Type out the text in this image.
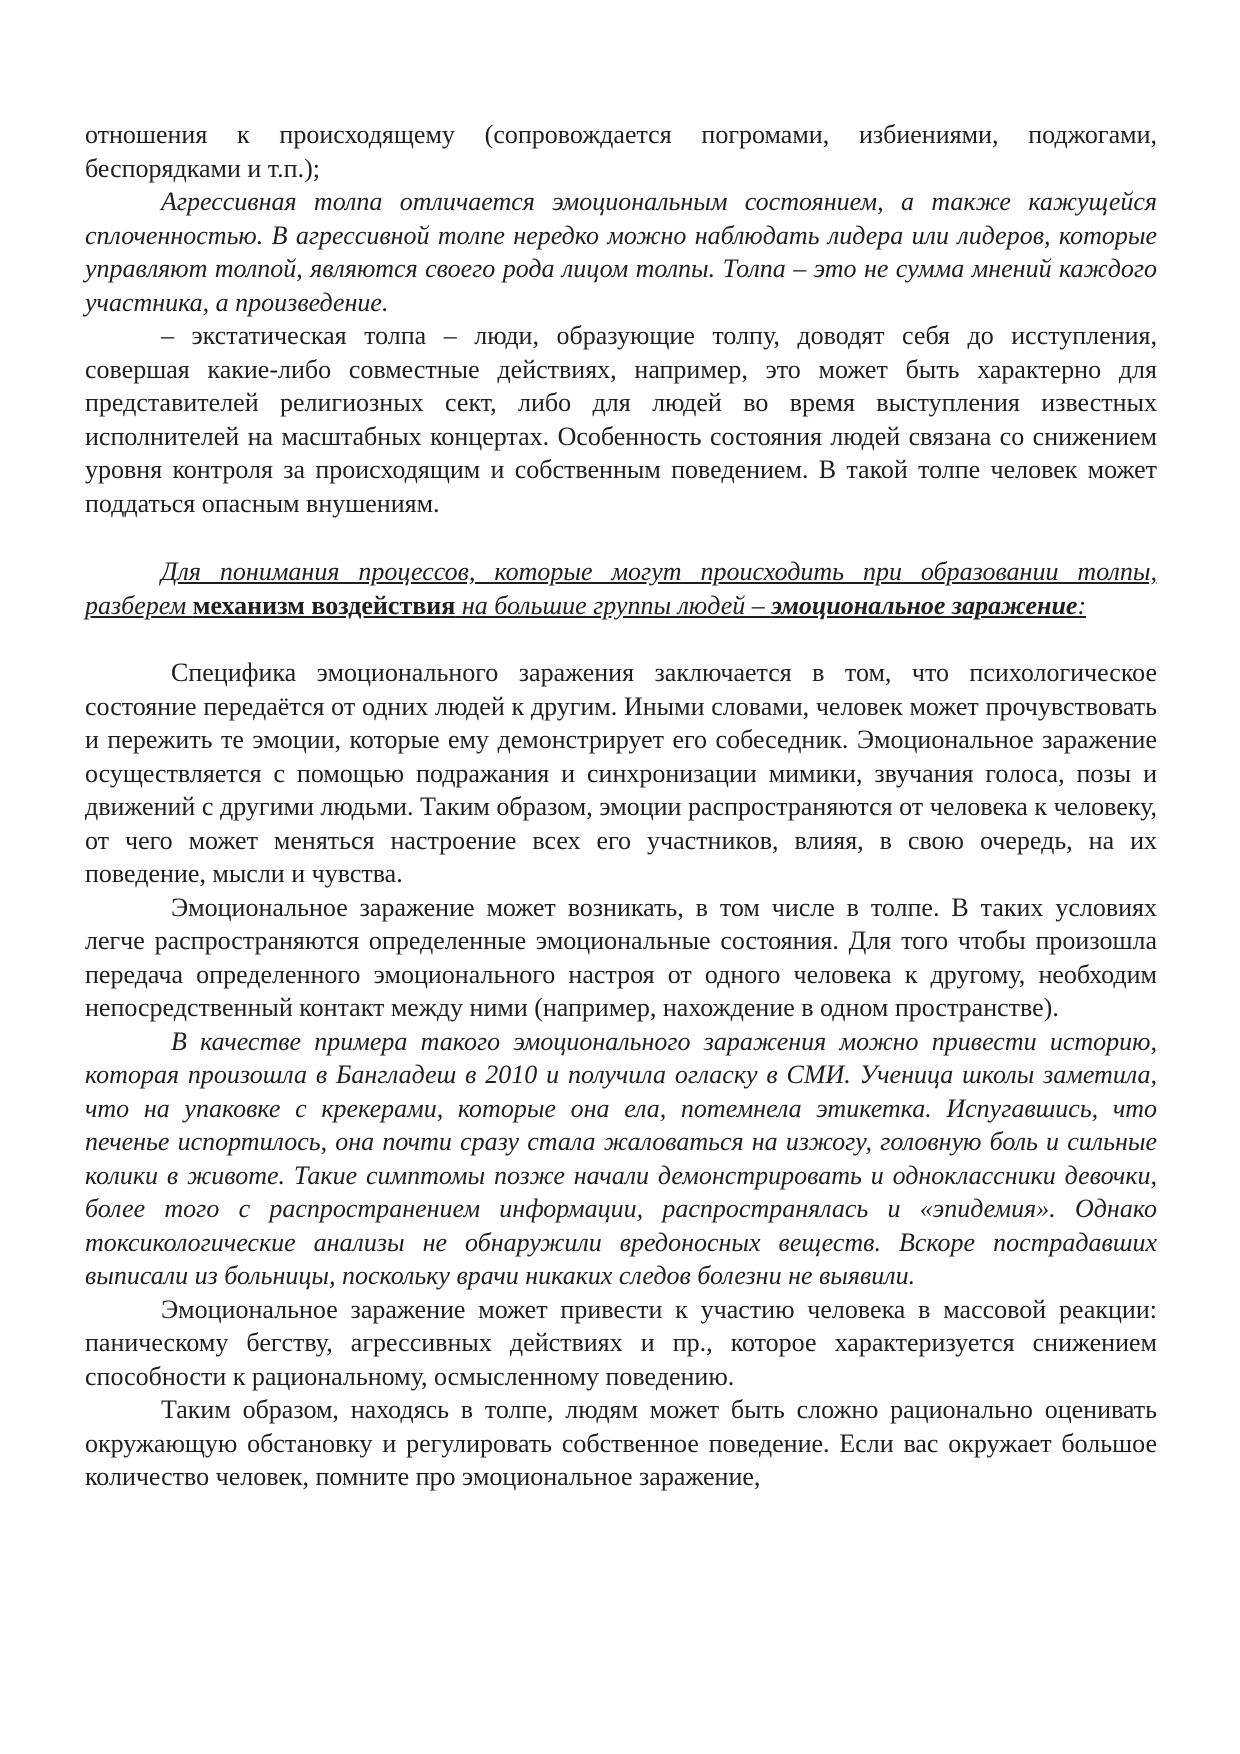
отношения к происходящему (сопровождается погромами, избиениями, поджогами, беспорядками и т.п.);

Агрессивная толпа отличается эмоциональным состоянием, а также кажущейся сплоченностью. В агрессивной толпе нередко можно наблюдать лидера или лидеров, которые управляют толпой, являются своего рода лицом толпы. Толпа – это не сумма мнений каждого участника, а произведение.

– экстатическая толпа – люди, образующие толпу, доводят себя до исступления, совершая какие-либо совместные действиях, например, это может быть характерно для представителей религиозных сект, либо для людей во время выступления известных исполнителей на масштабных концертах. Особенность состояния людей связана со снижением уровня контроля за происходящим и собственным поведением. В такой толпе человек может поддаться опасным внушениям.

Для понимания процессов, которые могут происходить при образовании толпы, разберем механизм воздействия на большие группы людей – эмоциональное заражение:

Специфика эмоционального заражения заключается в том, что психологическое состояние передаётся от одних людей к другим. Иными словами, человек может прочувствовать и пережить те эмоции, которые ему демонстрирует его собеседник. Эмоциональное заражение осуществляется с помощью подражания и синхронизации мимики, звучания голоса, позы и движений с другими людьми. Таким образом, эмоции распространяются от человека к человеку, от чего может меняться настроение всех его участников, влияя, в свою очередь, на их поведение, мысли и чувства.

Эмоциональное заражение может возникать, в том числе в толпе. В таких условиях легче распространяются определенные эмоциональные состояния. Для того чтобы произошла передача определенного эмоционального настроя от одного человека к другому, необходим непосредственный контакт между ними (например, нахождение в одном пространстве).

В качестве примера такого эмоционального заражения можно привести историю, которая произошла в Бангладеш в 2010 и получила огласку в СМИ. Ученица школы заметила, что на упаковке с крекерами, которые она ела, потемнела этикетка. Испугавшись, что печенье испортилось, она почти сразу стала жаловаться на изжогу, головную боль и сильные колики в животе. Такие симптомы позже начали демонстрировать и одноклассники девочки, более того с распространением информации, распространялась и «эпидемия». Однако токсикологические анализы не обнаружили вредоносных веществ. Вскоре пострадавших выписали из больницы, поскольку врачи никаких следов болезни не выявили.

Эмоциональное заражение может привести к участию человека в массовой реакции: паническому бегству, агрессивных действиях и пр., которое характеризуется снижением способности к рациональному, осмысленному поведению.

Таким образом, находясь в толпе, людям может быть сложно рационально оценивать окружающую обстановку и регулировать собственное поведение. Если вас окружает большое количество человек, помните про эмоциональное заражение,
